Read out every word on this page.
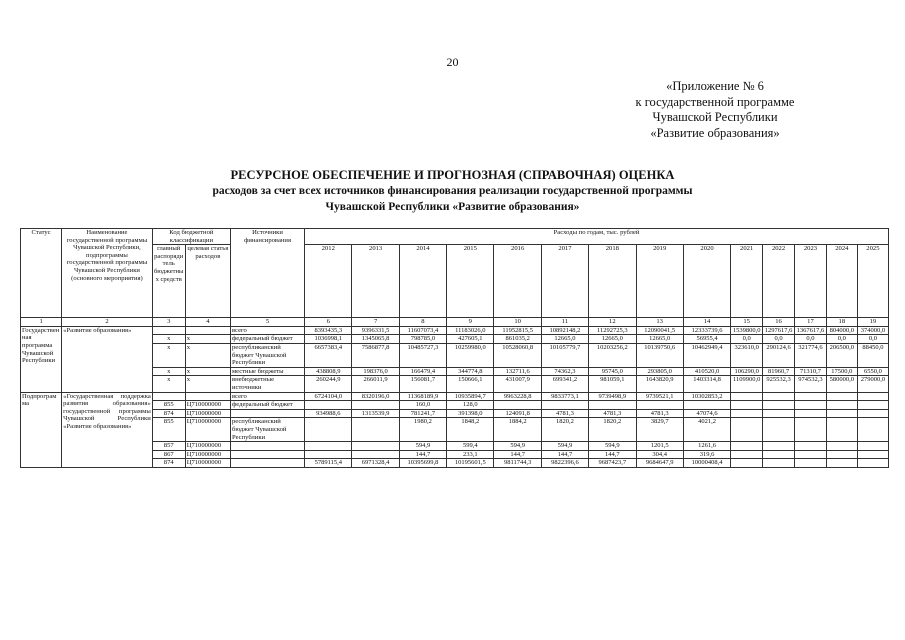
20
«Приложение № 6
к государственной программе
Чувашской Республики
«Развитие образования»
РЕСУРСНОЕ ОБЕСПЕЧЕНИЕ И ПРОГНОЗНАЯ (СПРАВОЧНАЯ) ОЦЕНКА
расходов за счет всех источников финансирования реализации государственной программы
Чувашской Республики «Развитие образования»
Статус	Наименование государственной программы Чувашской Республики, подпрограммы государственной программы Чувашской Республики (основного мероприятия)	Код бюджетной классификации		Источники финансирования	Расходы по годам, тыс. рублей													
		главный распорядитель бюджетных средств	целевая статья расходов		2012	2013	2014	2015	2016	2017	2018	2019	2020	2021	2022	2023	2024	2025

1	2	3	4	5	6	7	8	9	10	11	12	13	14	15	16	17	18	19
Государственная программа Чувашской Республики	«Развитие образования»			всего	8393435,3	9396331,5	11607073,4	11183026,0	11952815,5	10892148,2	11292725,3	12090041,5	12333739,6	1539800,0	1297617,6	1367617,6	804000,0	374000,0
		х	х	федеральный бюджет	1036998,1	1345065,8	798785,0	427605,1	861035,2	12665,0	12665,0	12665,0	56955,4	0,0	0,0	0,0	0,0	0,0
		х	х	республиканский бюджет Чувашской Республики	6657383,4	7586877,8	10485727,3	10259980,0	10528060,8	10105779,7	10203256,2	10139750,6	10462949,4	323610,0	290124,6	321774,6	206500,0	88450,0
		х	х	местные бюджеты	438808,9	198376,0	166479,4	344774,8	132711,6	74362,3	95745,0	293805,0	410520,0	106290,0	81960,7	71310,7	17500,0	6550,0
		х	х	внебюджетные источники	260244,9	266011,9	156081,7	150666,1	431007,9	699341,2	981059,1	1643820,9	1403314,8	1109900,0	925532,3	974532,3	580000,0	279000,0
Подпрограмма	«Государственная поддержка развития образования» государственной программы Чувашской Республики «Развитие образования»			всего	6724104,0	8320196,0	11368189,9	10935894,7	9963228,8	9833773,1	9739498,9	9739521,1	10302853,2					
		855	Ц710000000	федеральный бюджет			160,0	128,0										
		874	Ц710000000		934988,6	1313539,9	781241,7	391398,0	124091,8	4781,3	4781,3	4781,3	47074,6					
		855	Ц710000000	республиканский бюджет Чувашской Республики			1980,2	1848,2	1884,2	1820,2	1820,2	3829,7	4021,2					
		857	Ц710000000				594,9	599,4	594,9	594,9	594,9	1201,5	1261,6					
		867	Ц710000000				144,7	233,1	144,7	144,7	144,7	304,4	319,6					
		874	Ц710000000		5789115,4	6971328,4	10395699,8	10195601,5	9811744,3	9822396,6	9687423,7	9684647,9	10000408,4					
